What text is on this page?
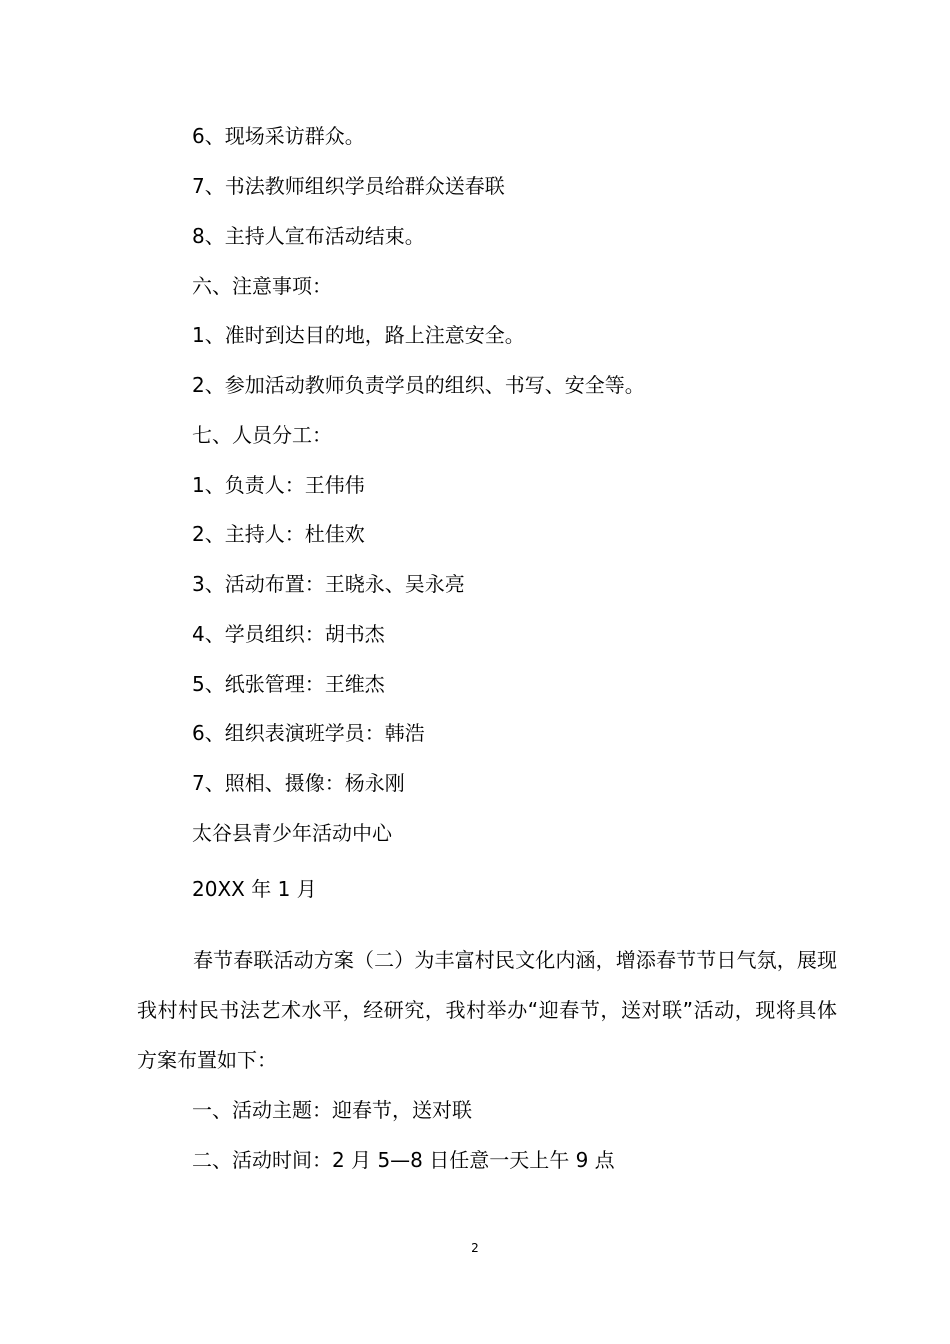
6、现场采访群众。
7、书法教师组织学员给群众送春联
8、主持人宣布活动结束。
六、注意事项：
1、准时到达目的地，路上注意安全。
2、参加活动教师负责学员的组织、书写、安全等。
七、人员分工：
1、负责人：王伟伟
2、主持人：杜佳欢
3、活动布置：王晓永、吴永亮
4、学员组织：胡书杰
5、纸张管理：王维杰
6、组织表演班学员：韩浩
7、照相、摄像：杨永刚
太谷县青少年活动中心
20XX 年 1 月
春节春联活动方案（二）为丰富村民文化内涵，增添春节节日气氛，展现我村村民书法艺术水平，经研究，我村举办“迎春节，送对联”活动，现将具体方案布置如下：
一、活动主题：迎春节，送对联
二、活动时间：2 月 5—8 日任意一天上午 9 点
2
